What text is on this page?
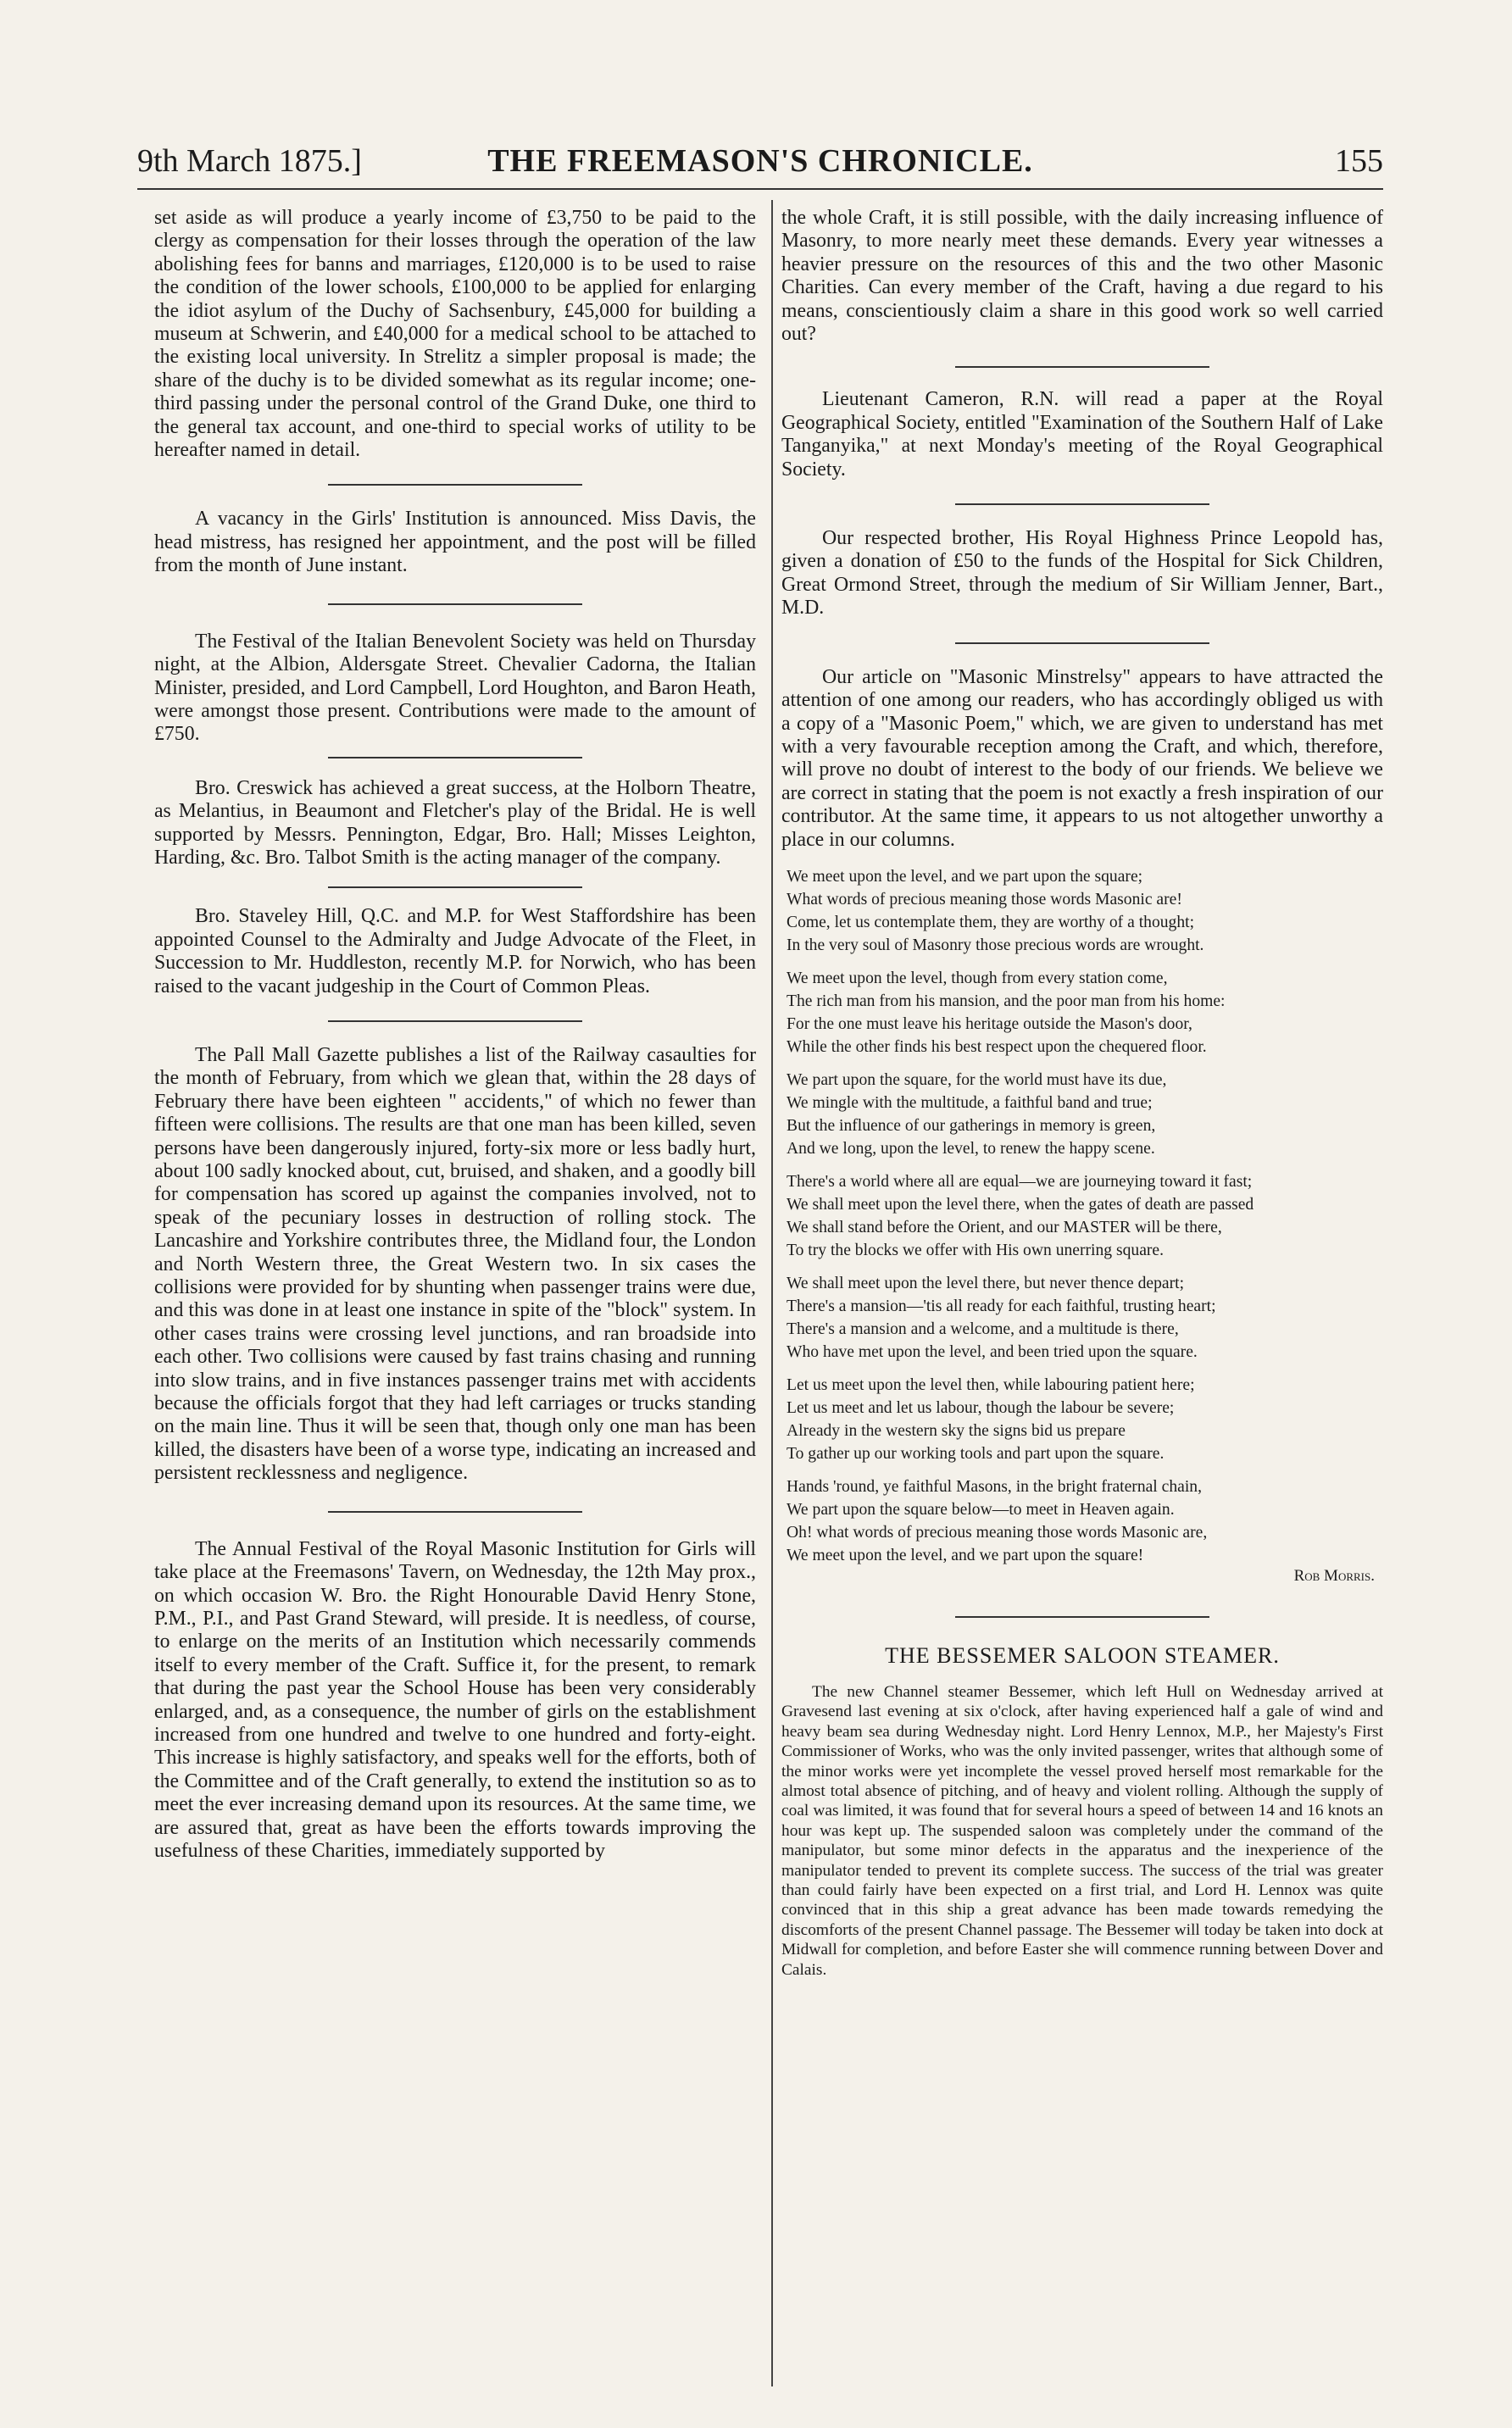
9th March 1875.]	THE FREEMASON'S CHRONICLE.	155

set aside as will produce a yearly income of £3,750 to be paid to the clergy as compensation for their losses through the operation of the law abolishing fees for banns and marriages, £120,000 is to be used to raise the condition of the lower schools, £100,000 to be applied for enlarging the idiot asylum of the Duchy of Sachsenbury, £45,000 for building a museum at Schwerin, and £40,000 for a medical school to be attached to the existing local university. In Strelitz a simpler proposal is made; the share of the duchy is to be divided somewhat as its regular income; one-third passing under the personal control of the Grand Duke, one third to the general tax account, and one-third to special works of utility to be hereafter named in detail.

A vacancy in the Girls' Institution is announced. Miss Davis, the head mistress, has resigned her appointment, and the post will be filled from the month of June instant.

The Festival of the Italian Benevolent Society was held on Thursday night, at the Albion, Aldersgate Street. Chevalier Cadorna, the Italian Minister, presided, and Lord Campbell, Lord Houghton, and Baron Heath, were amongst those present. Contributions were made to the amount of £750.

Bro. Creswick has achieved a great success, at the Holborn Theatre, as Melantius, in Beaumont and Fletcher's play of the Bridal. He is well supported by Messrs. Pennington, Edgar, Bro. Hall; Misses Leighton, Harding, &c. Bro. Talbot Smith is the acting manager of the company.

Bro. Staveley Hill, Q.C. and M.P. for West Staffordshire has been appointed Counsel to the Admiralty and Judge Advocate of the Fleet, in Succession to Mr. Huddleston, recently M.P. for Norwich, who has been raised to the vacant judgeship in the Court of Common Pleas.

The Pall Mall Gazette publishes a list of the Railway casaulties for the month of February, from which we glean that, within the 28 days of February there have been eighteen " accidents," of which no fewer than fifteen were collisions. The results are that one man has been killed, seven persons have been dangerously injured, forty-six more or less badly hurt, about 100 sadly knocked about, cut, bruised, and shaken, and a goodly bill for compensation has scored up against the companies involved, not to speak of the pecuniary losses in destruction of rolling stock. The Lancashire and Yorkshire contributes three, the Midland four, the London and North Western three, the Great Western two. In six cases the collisions were provided for by shunting when passenger trains were due, and this was done in at least one instance in spite of the "block" system. In other cases trains were crossing level junctions, and ran broadside into each other. Two collisions were caused by fast trains chasing and running into slow trains, and in five instances passenger trains met with accidents because the officials forgot that they had left carriages or trucks standing on the main line. Thus it will be seen that, though only one man has been killed, the disasters have been of a worse type, indicating an increased and persistent recklessness and negligence.

The Annual Festival of the Royal Masonic Institution for Girls will take place at the Freemasons' Tavern, on Wednesday, the 12th May prox., on which occasion W. Bro. the Right Honourable David Henry Stone, P.M., P.I., and Past Grand Steward, will preside. It is needless, of course, to enlarge on the merits of an Institution which necessarily commends itself to every member of the Craft. Suffice it, for the present, to remark that during the past year the School House has been very considerably enlarged, and, as a consequence, the number of girls on the establishment increased from one hundred and twelve to one hundred and forty-eight. This increase is highly satisfactory, and speaks well for the efforts, both of the Committee and of the Craft generally, to extend the institution so as to meet the ever increasing demand upon its resources. At the same time, we are assured that, great as have been the efforts towards improving the usefulness of these Charities, immediately supported by

the whole Craft, it is still possible, with the daily increasing influence of Masonry, to more nearly meet these demands. Every year witnesses a heavier pressure on the resources of this and the two other Masonic Charities. Can every member of the Craft, having a due regard to his means, conscientiously claim a share in this good work so well carried out?

Lieutenant Cameron, R.N. will read a paper at the Royal Geographical Society, entitled "Examination of the Southern Half of Lake Tanganyika," at next Monday's meeting of the Royal Geographical Society.

Our respected brother, His Royal Highness Prince Leopold has, given a donation of £50 to the funds of the Hospital for Sick Children, Great Ormond Street, through the medium of Sir William Jenner, Bart., M.D.

Our article on "Masonic Minstrelsy" appears to have attracted the attention of one among our readers, who has accordingly obliged us with a copy of a "Masonic Poem," which, we are given to understand has met with a very favourable reception among the Craft, and which, therefore, will prove no doubt of interest to the body of our friends. We believe we are correct in stating that the poem is not exactly a fresh inspiration of our contributor. At the same time, it appears to us not altogether unworthy a place in our columns.

We meet upon the level, and we part upon the square;
What words of precious meaning those words Masonic are!
Come, let us contemplate them, they are worthy of a thought;
In the very soul of Masonry those precious words are wrought.
We meet upon the level, though from every station come,
The rich man from his mansion, and the poor man from his home:
For the one must leave his heritage outside the Mason's door,
While the other finds his best respect upon the chequered floor.
We part upon the square, for the world must have its due,
We mingle with the multitude, a faithful band and true;
But the influence of our gatherings in memory is green,
And we long, upon the level, to renew the happy scene.
There's a world where all are equal—we are journeying toward it fast;
We shall meet upon the level there, when the gates of death are passed
We shall stand before the Orient, and our MASTER will be there,
To try the blocks we offer with His own unerring square.
We shall meet upon the level there, but never thence depart;
There's a mansion—'tis all ready for each faithful, trusting heart;
There's a mansion and a welcome, and a multitude is there,
Who have met upon the level, and been tried upon the square.
Let us meet upon the level then, while labouring patient here;
Let us meet and let us labour, though the labour be severe;
Already in the western sky the signs bid us prepare
To gather up our working tools and part upon the square.
Hands 'round, ye faithful Masons, in the bright fraternal chain,
We part upon the square below—to meet in Heaven again.
Oh! what words of precious meaning those words Masonic are,
We meet upon the level, and we part upon the square!

Rob Morris.

THE BESSEMER SALOON STEAMER.

The new Channel steamer Bessemer, which left Hull on Wednesday arrived at Gravesend last evening at six o'clock, after having experienced half a gale of wind and heavy beam sea during Wednesday night. Lord Henry Lennox, M.P., her Majesty's First Commissioner of Works, who was the only invited passenger, writes that although some of the minor works were yet incomplete the vessel proved herself most remarkable for the almost total absence of pitching, and of heavy and violent rolling. Although the supply of coal was limited, it was found that for several hours a speed of between 14 and 16 knots an hour was kept up. The suspended saloon was completely under the command of the manipulator, but some minor defects in the apparatus and the inexperience of the manipulator tended to prevent its complete success. The success of the trial was greater than could fairly have been expected on a first trial, and Lord H. Lennox was quite convinced that in this ship a great advance has been made towards remedying the discomforts of the present Channel passage. The Bessemer will today be taken into dock at Midwall for completion, and before Easter she will commence running between Dover and Calais.
